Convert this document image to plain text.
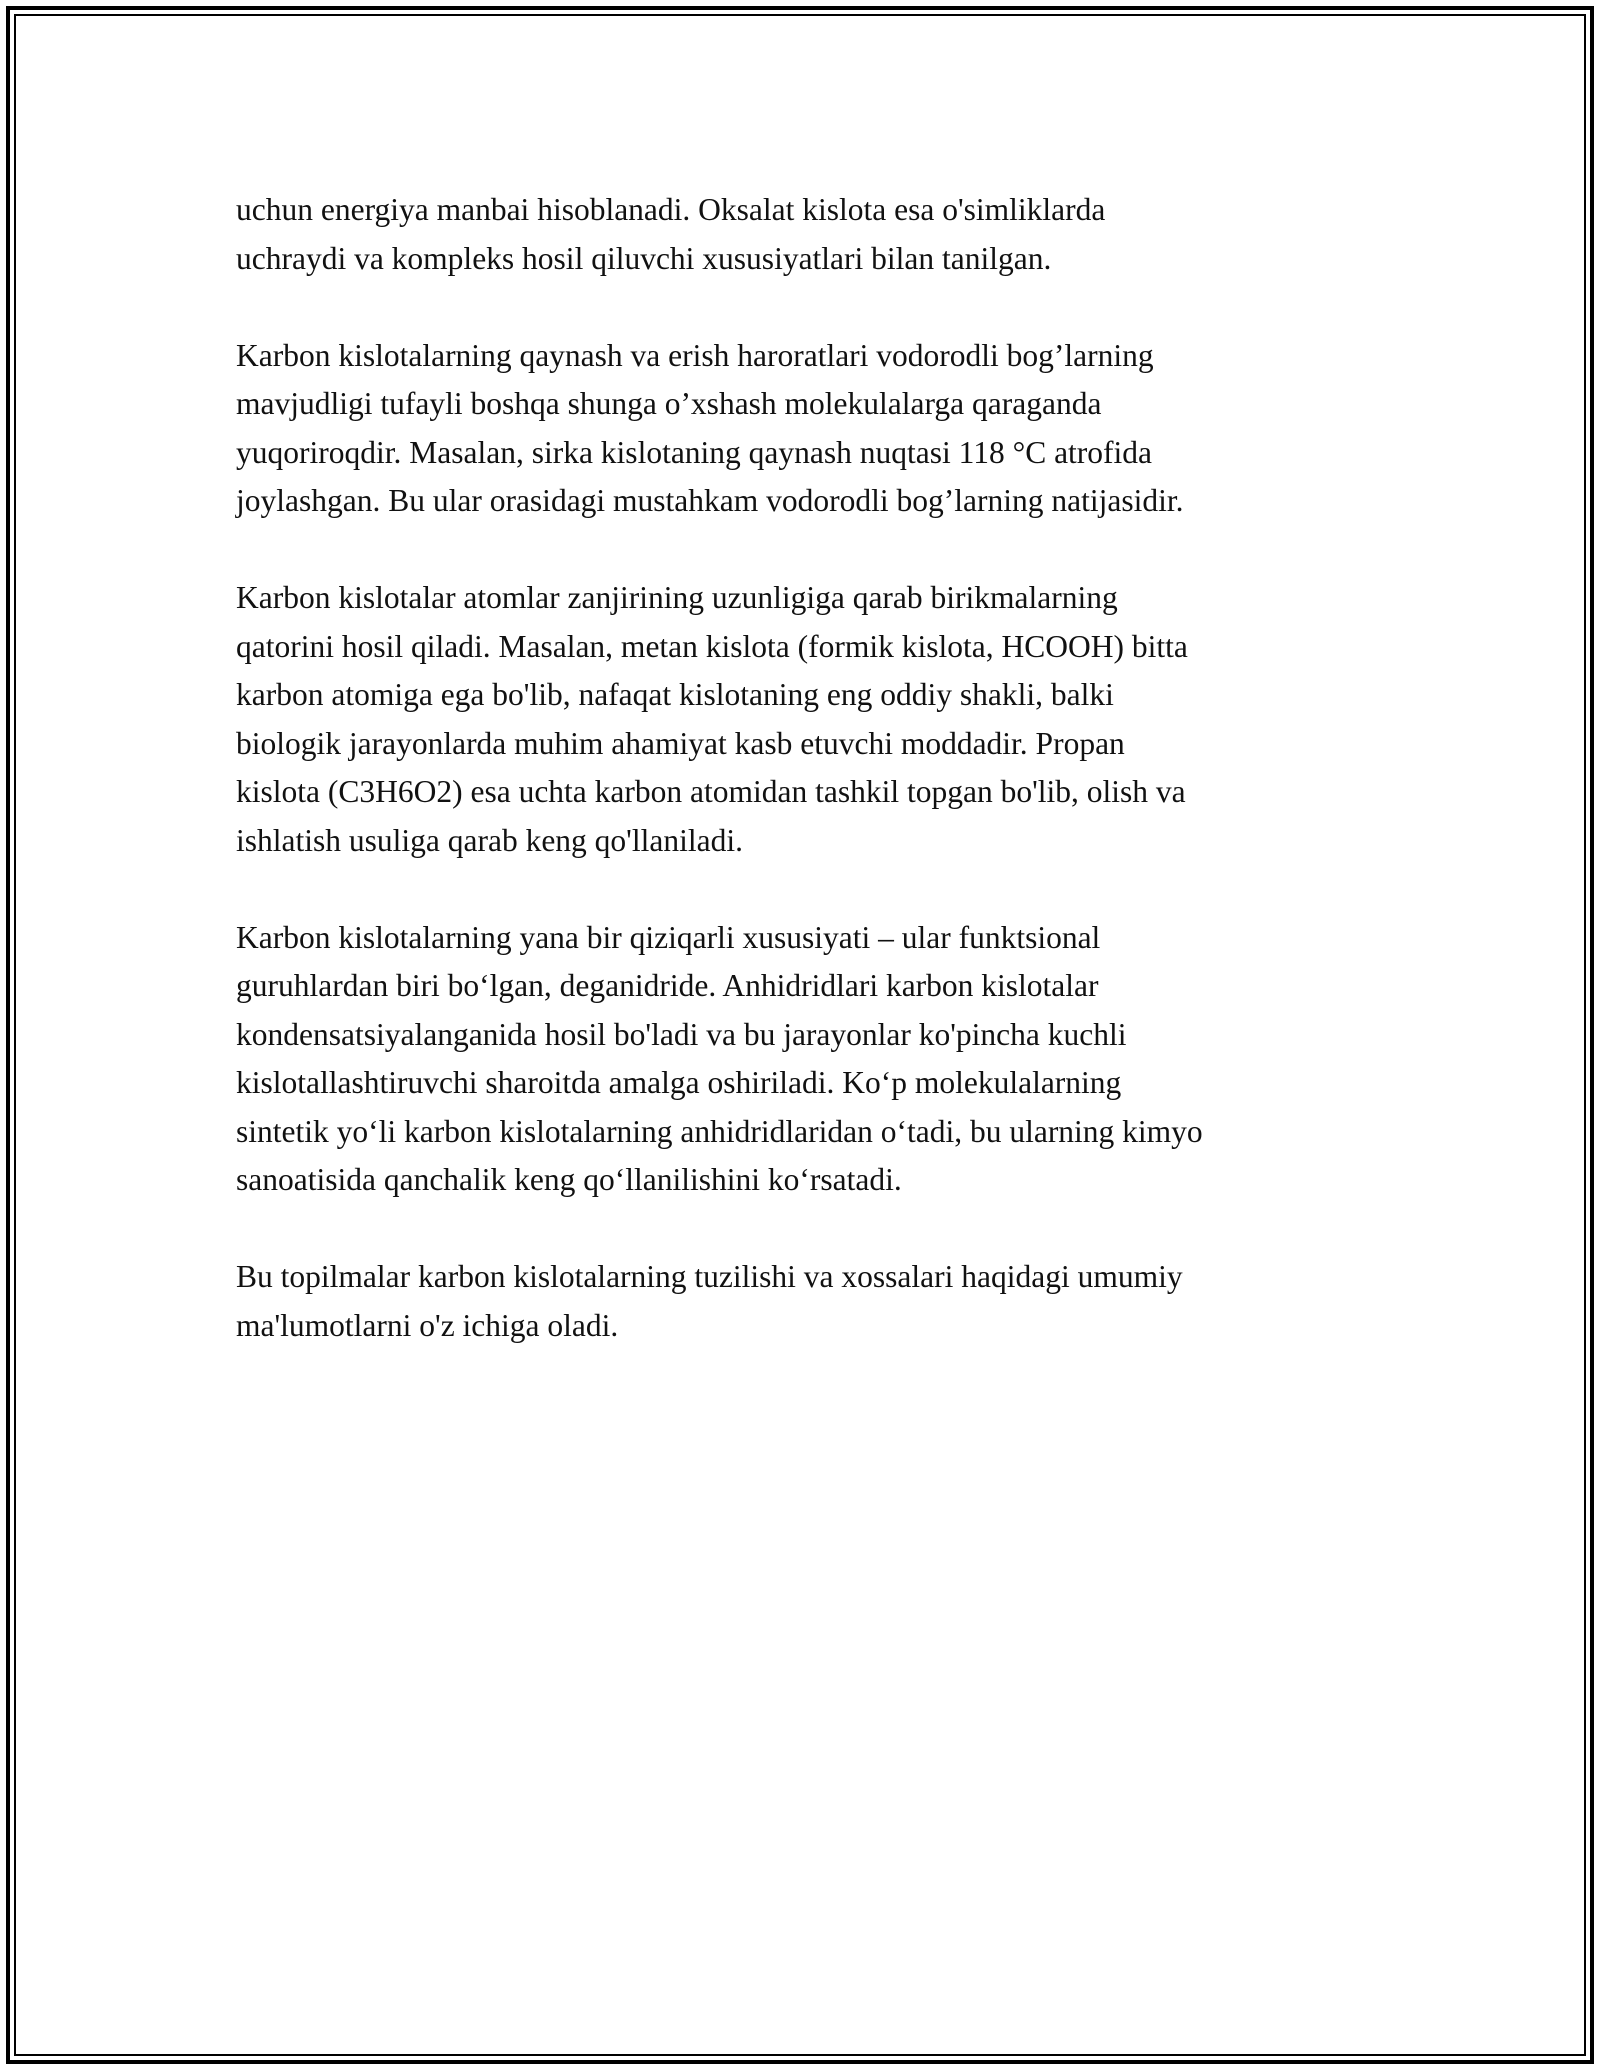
uchun energiya manbai hisoblanadi. Oksalat kislota esa o'simliklarda
uchraydi va kompleks hosil qiluvchi xususiyatlari bilan tanilgan.

Karbon kislotalarning qaynash va erish haroratlari vodorodli bog’larning
mavjudligi tufayli boshqa shunga o’xshash molekulalarga qaraganda
yuqoriroqdir. Masalan, sirka kislotaning qaynash nuqtasi 118 °C atrofida
joylashgan. Bu ular orasidagi mustahkam vodorodli bog’larning natijasidir.

Karbon kislotalar atomlar zanjirining uzunligiga qarab birikmalarning
qatorini hosil qiladi. Masalan, metan kislota (formik kislota, HCOOH) bitta
karbon atomiga ega bo'lib, nafaqat kislotaning eng oddiy shakli, balki
biologik jarayonlarda muhim ahamiyat kasb etuvchi moddadir. Propan
kislota (C3H6O2) esa uchta karbon atomidan tashkil topgan bo'lib, olish va
ishlatish usuliga qarab keng qo'llaniladi.

Karbon kislotalarning yana bir qiziqarli xususiyati – ular funktsional
guruhlardan biri bo‘lgan, deganidride. Anhidridlari karbon kislotalar
kondensatsiyalanganida hosil bo'ladi va bu jarayonlar ko'pincha kuchli
kislotallashtiruvchi sharoitda amalga oshiriladi. Ko‘p molekulalarning
sintetik yo‘li karbon kislotalarning anhidridlaridan o‘tadi, bu ularning kimyo
sanoatisida qanchalik keng qo‘llanilishini ko‘rsatadi.

Bu topilmalar karbon kislotalarning tuzilishi va xossalari haqidagi umumiy
ma'lumotlarni o'z ichiga oladi.
